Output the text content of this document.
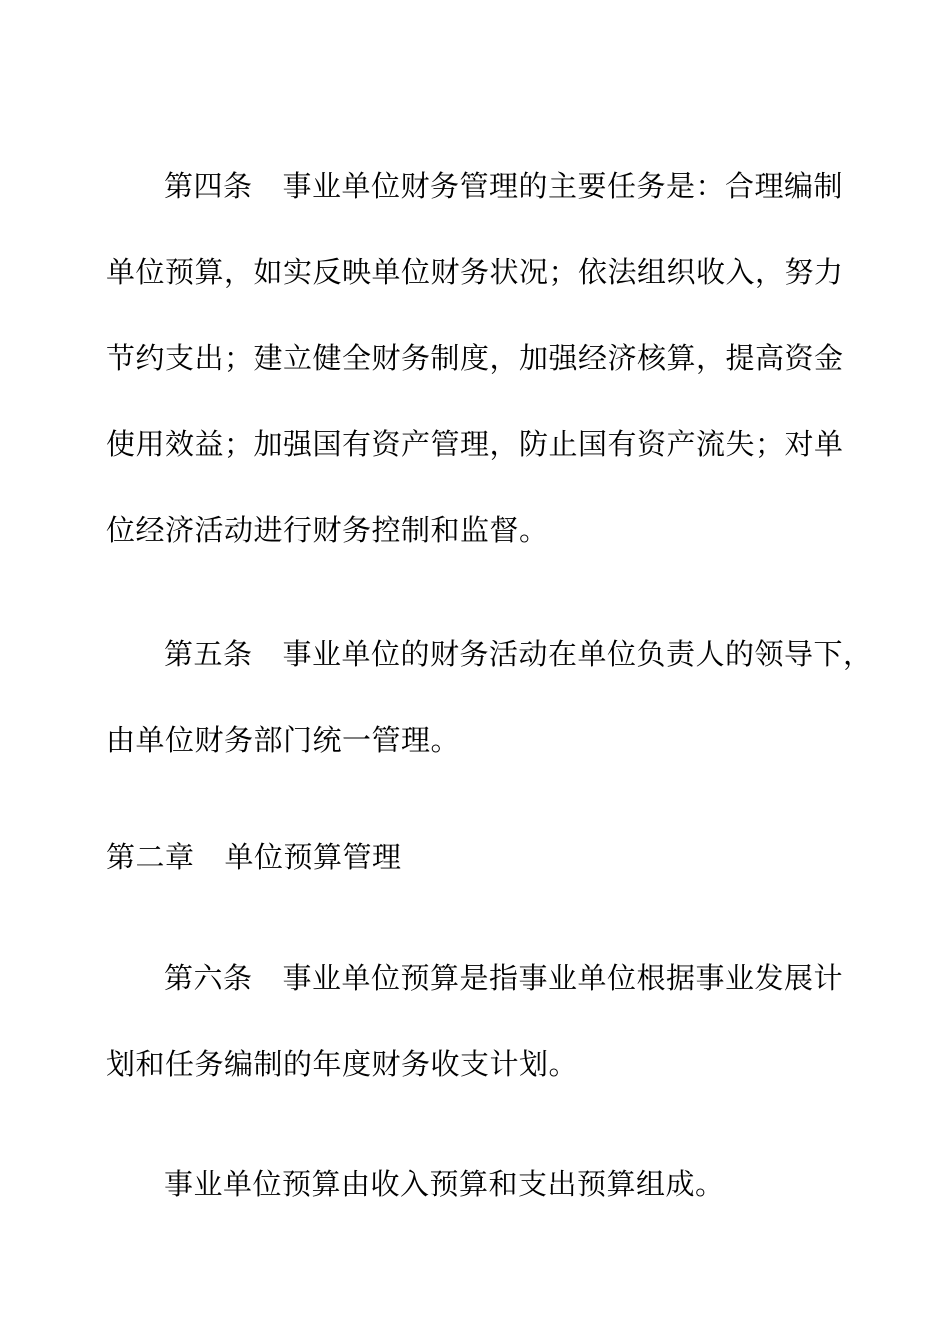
第四条 事业单位财务管理的主要任务是：合理编制
单位预算，如实反映单位财务状况；依法组织收入，努力
节约支出；建立健全财务制度，加强经济核算，提高资金
使用效益；加强国有资产管理，防止国有资产流失；对单
位经济活动进行财务控制和监督。
第五条 事业单位的财务活动在单位负责人的领导下，
由单位财务部门统一管理。
第二章 单位预算管理
第六条 事业单位预算是指事业单位根据事业发展计
划和任务编制的年度财务收支计划。
事业单位预算由收入预算和支出预算组成。
